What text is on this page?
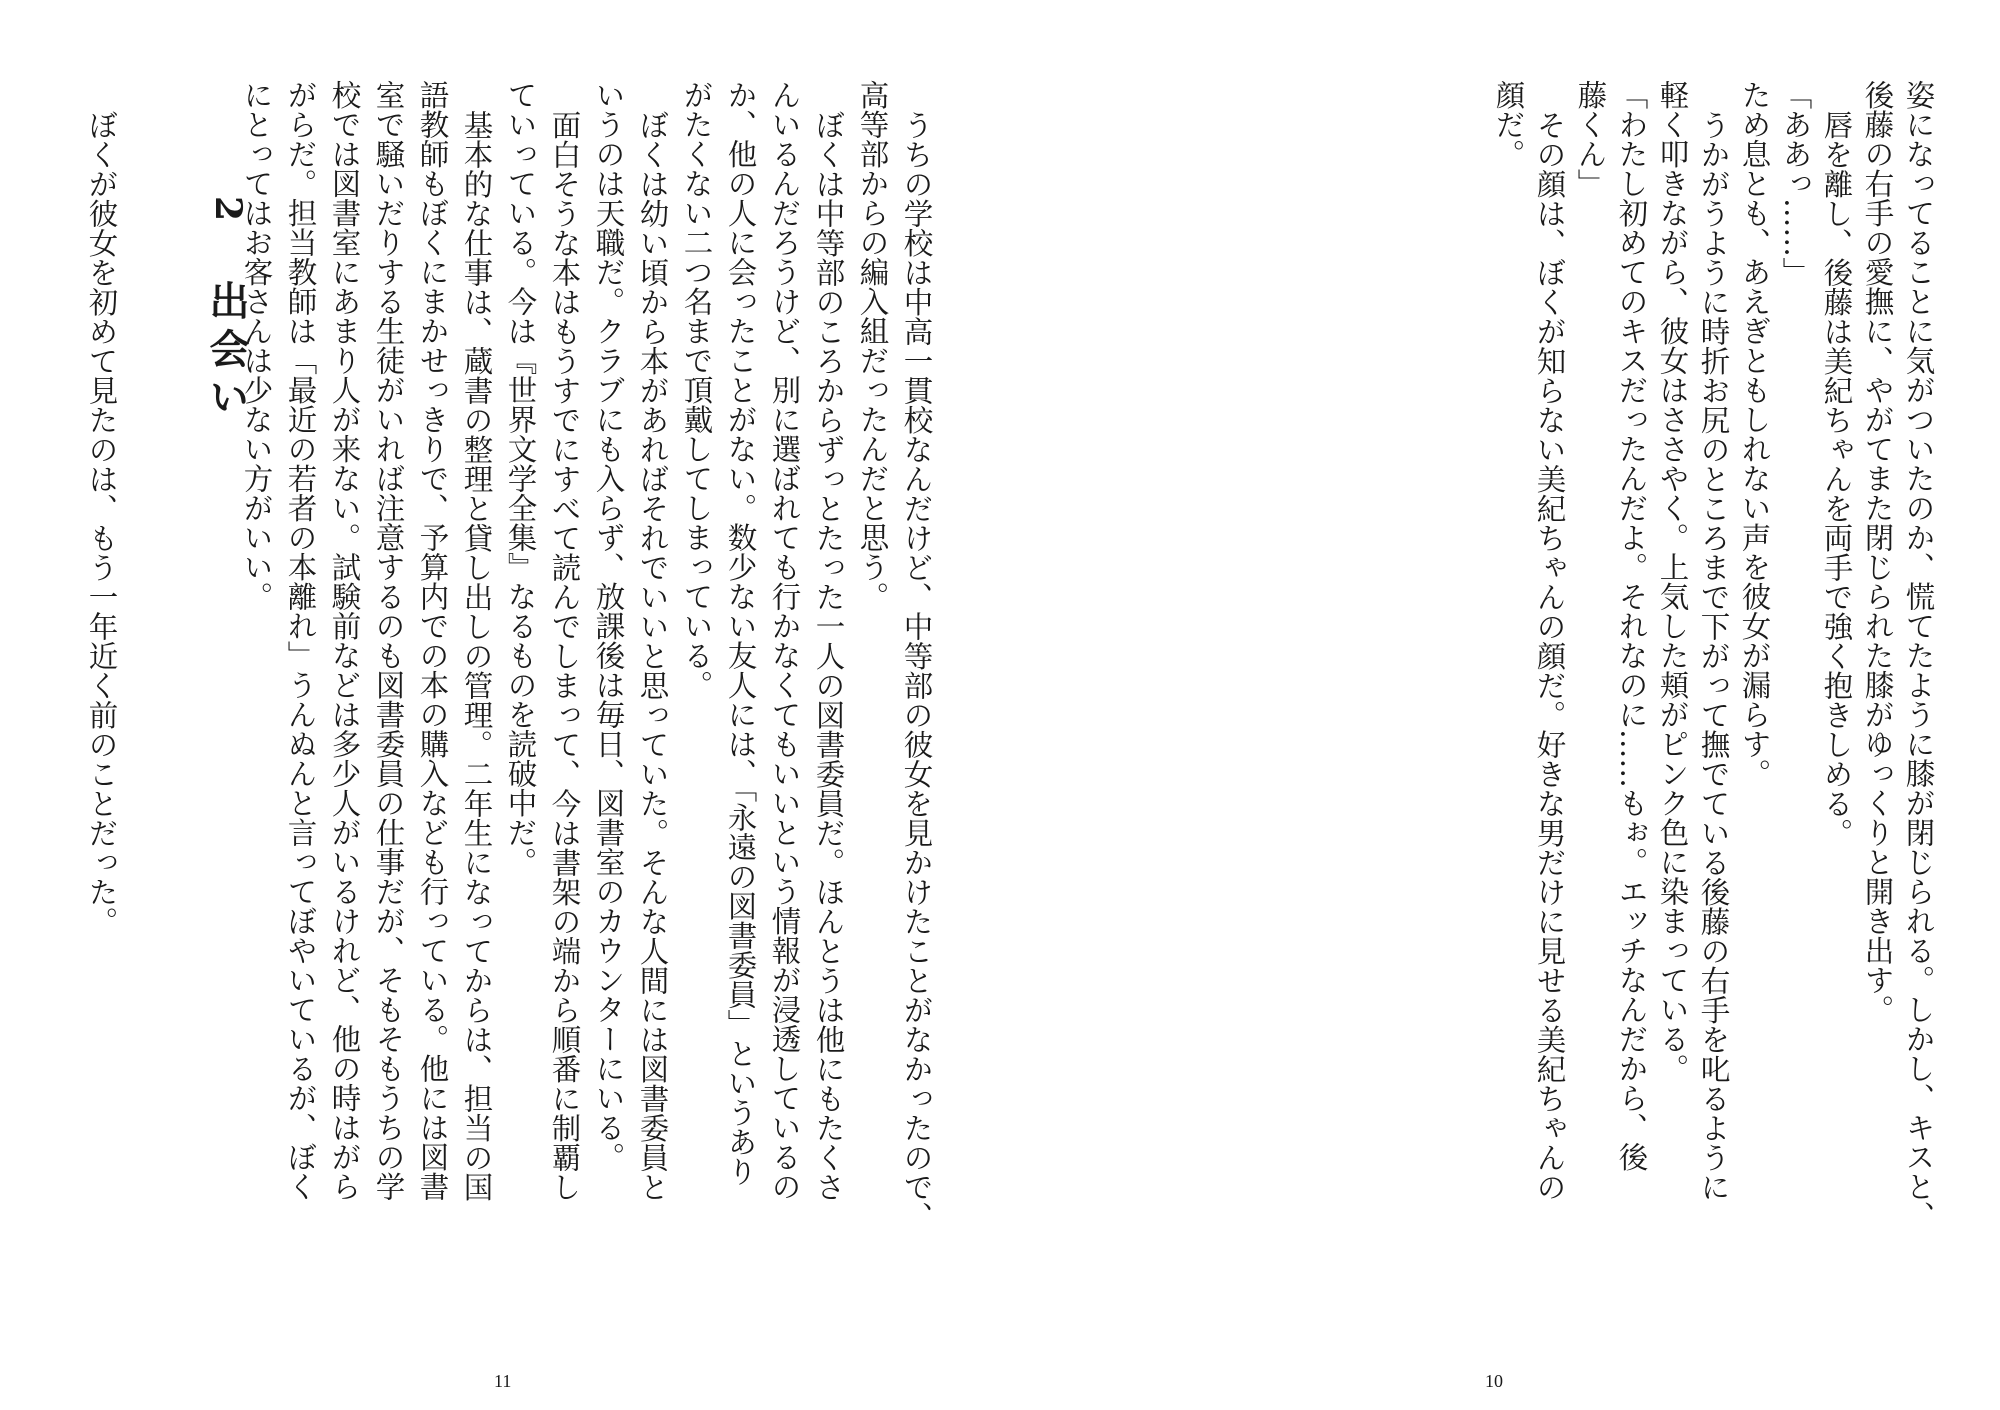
姿になってることに気がついたのか、慌てたように膝が閉じられる。しかし、キスと、
後藤の右手の愛撫に、やがてまた閉じられた膝がゆっくりと開き出す。
唇を離し、後藤は美紀ちゃんを両手で強く抱きしめる。
「ああっ……」
ため息とも、あえぎともしれない声を彼女が漏らす。
うかがうように時折お尻のところまで下がって撫でている後藤の右手を叱るように
軽く叩きながら、彼女はささやく。上気した頬がピンク色に染まっている。
「わたし初めてのキスだったんだよ。それなのに……もぉ。エッチなんだから、後
藤くん」
その顔は、ぼくが知らない美紀ちゃんの顔だ。好きな男だけに見せる美紀ちゃんの
顔だ。
10
2
出会い
ぼくが彼女を初めて見たのは、もう一年近く前のことだった。	うちの学校は中高一貫校なんだけど、中等部の彼女を見かけたことがなかったので、
高等部からの編入組だったんだと思う。
ぼくは中等部のころからずっとたった一人の図書委員だ。ほんとうは他にもたくさ
んいるんだろうけど、別に選ばれても行かなくてもいいという情報が浸透しているの
か、他の人に会ったことがない。数少ない友人には、「永遠の図書委員」というあり
がたくない二つ名まで頂戴してしまっている。
ぼくは幼い頃から本があればそれでいいと思っていた。そんな人間には図書委員と
いうのは天職だ。クラブにも入らず、放課後は毎日、図書室のカウンターにいる。
面白そうな本はもうすでにすべて読んでしまって、今は書架の端から順番に制覇し
ていっている。今は『世界文学全集』なるものを読破中だ。
基本的な仕事は、蔵書の整理と貸し出しの管理。二年生になってからは、担当の国
語教師もぼくにまかせっきりで、予算内での本の購入なども行っている。他には図書
室で騒いだりする生徒がいれば注意するのも図書委員の仕事だが、そもそもうちの学
校では図書室にあまり人が来ない。試験前などは多少人がいるけれど、他の時はがら
がらだ。担当教師は「最近の若者の本離れ」うんぬんと言ってぼやいているが、ぼく
にとってはお客さんは少ない方がいい。
11
